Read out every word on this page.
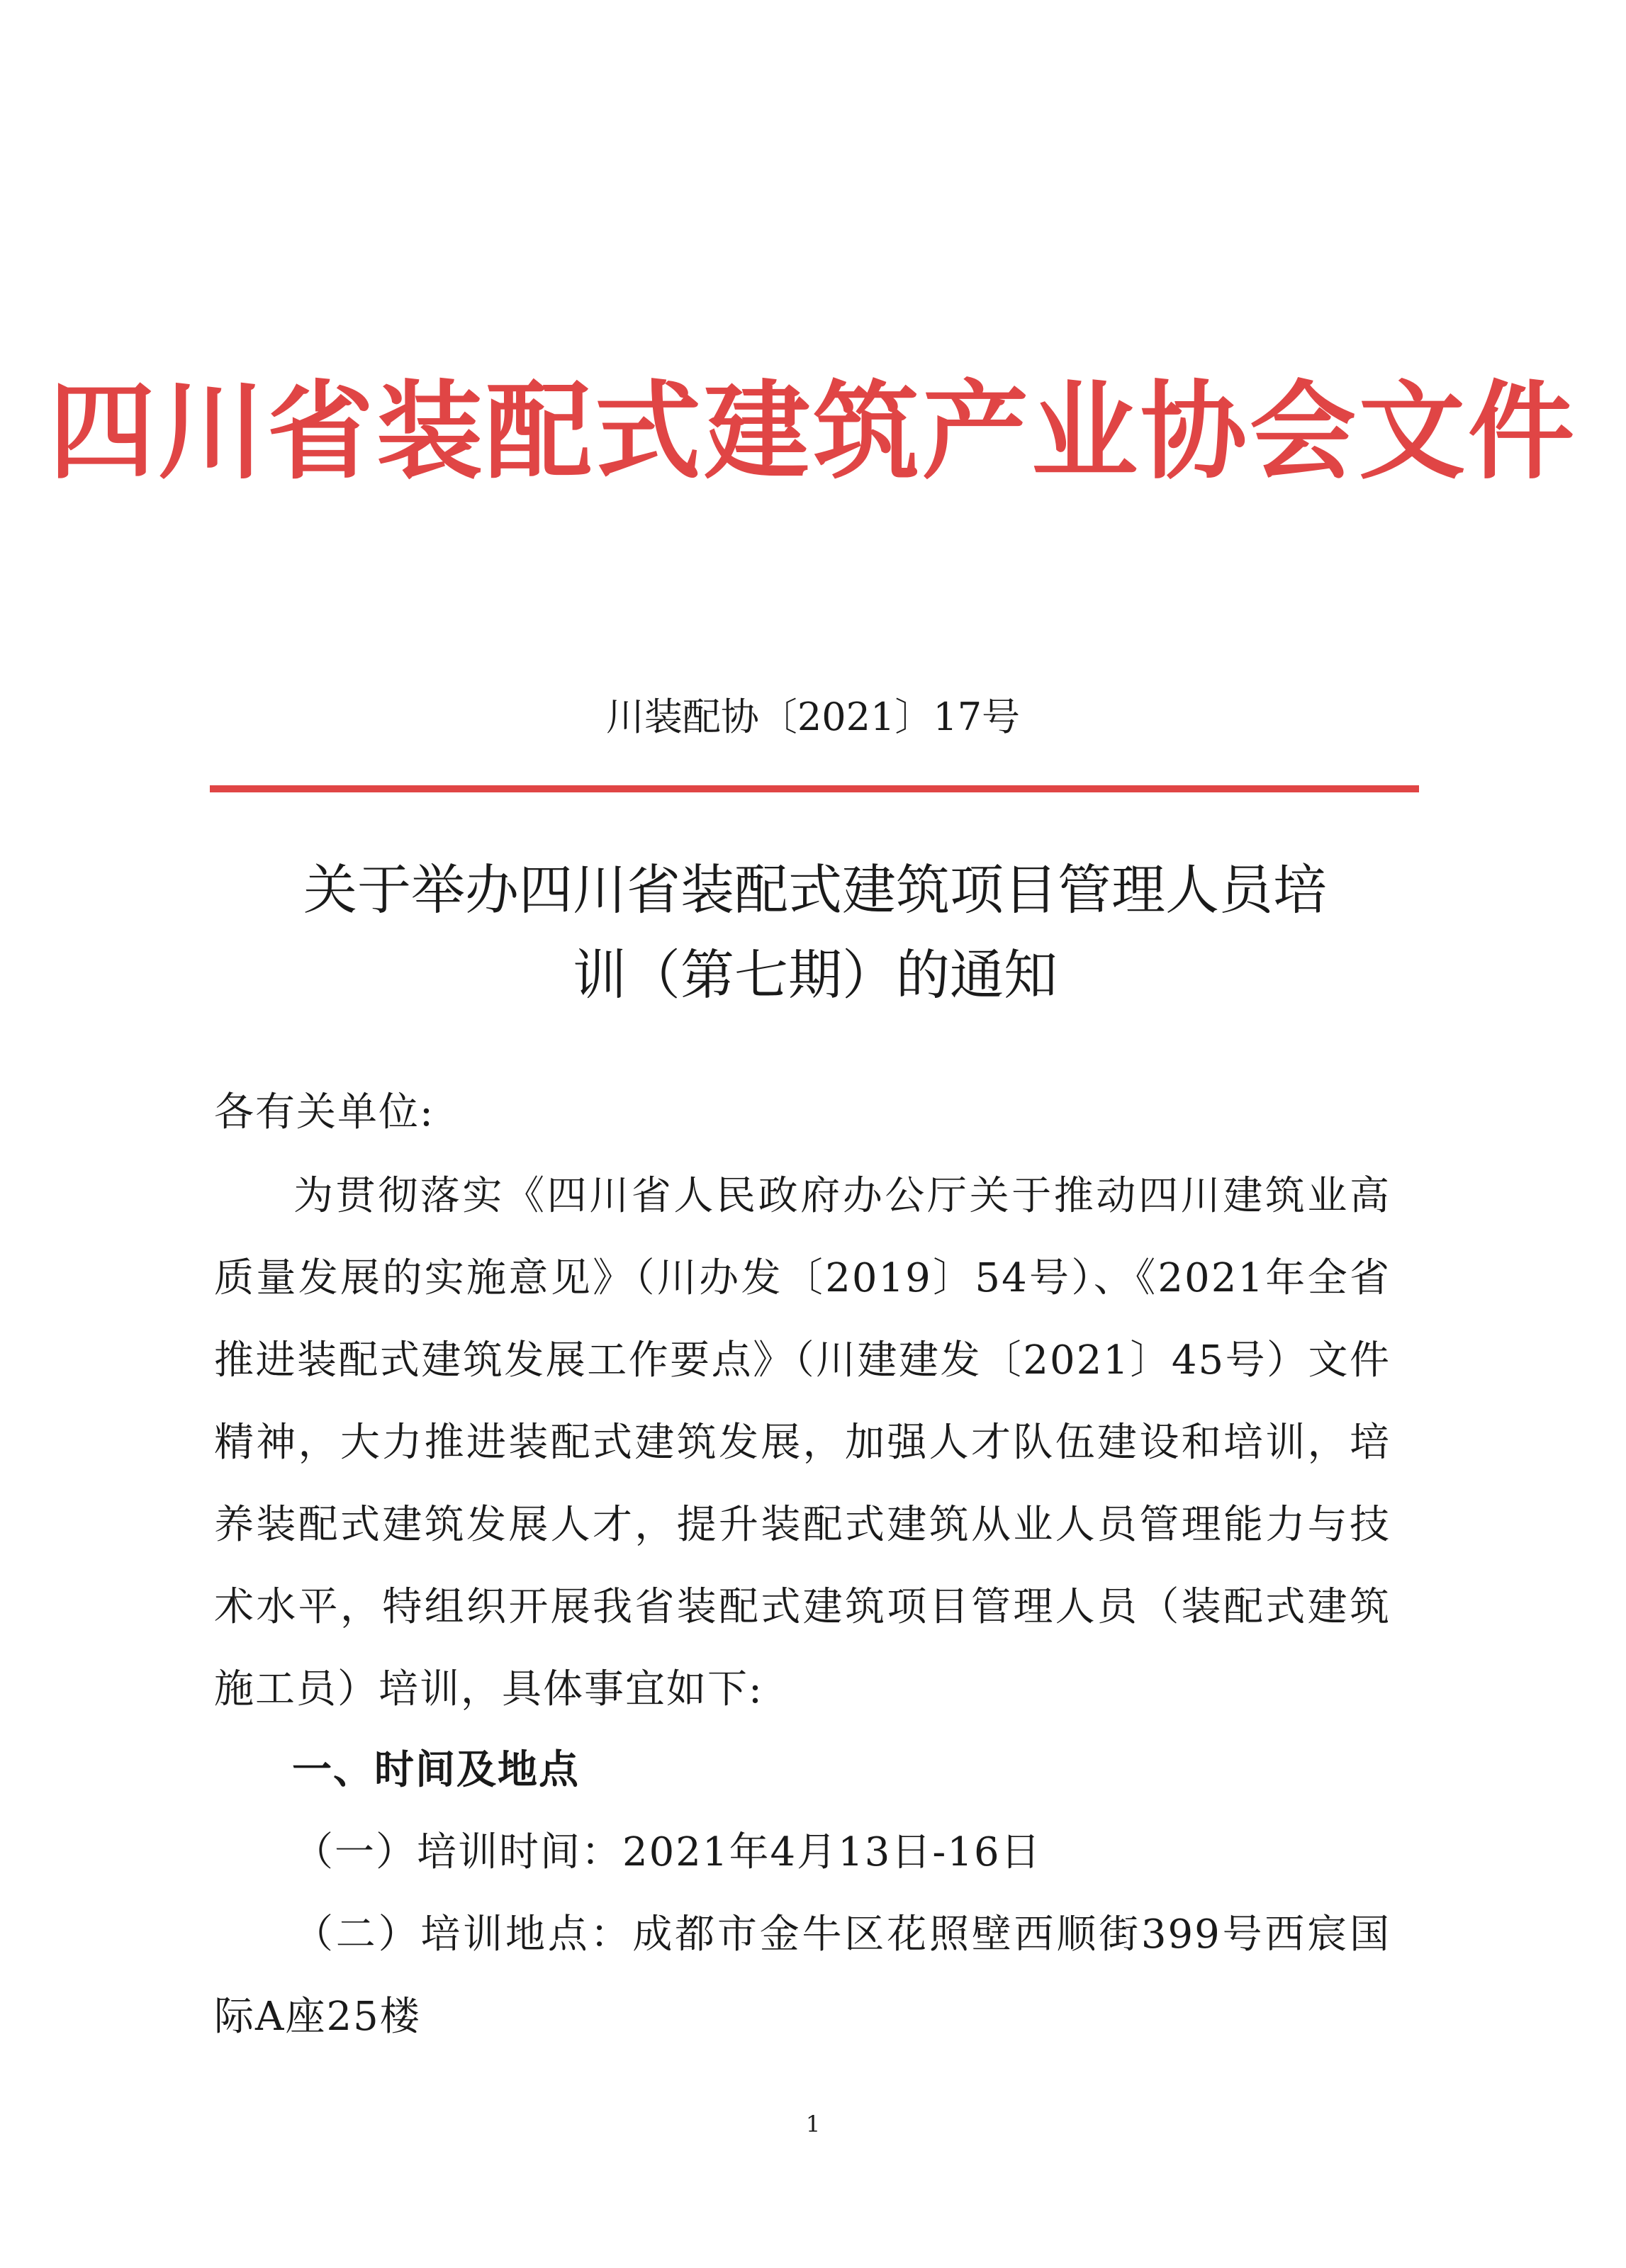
四川省装配式建筑产业协会文件
川装配协〔2021〕17号
关于举办四川省装配式建筑项目管理人员培
训（第七期）的通知
各有关单位:
为贯彻落实《四川省人民政府办公厅关于推动四川建筑业高质量发展的实施意见》（川办发〔2019〕54号）、《2021年全省推进装配式建筑发展工作要点》（川建建发〔2021〕45号）文件精神，大力推进装配式建筑发展，加强人才队伍建设和培训，培养装配式建筑发展人才，提升装配式建筑从业人员管理能力与技术水平，特组织开展我省装配式建筑项目管理人员（装配式建筑施工员）培训，具体事宜如下:
一、时间及地点
（一）培训时间：2021年4月13日-16日
（二）培训地点：成都市金牛区花照壁西顺街399号西宸国际A座25楼
1
